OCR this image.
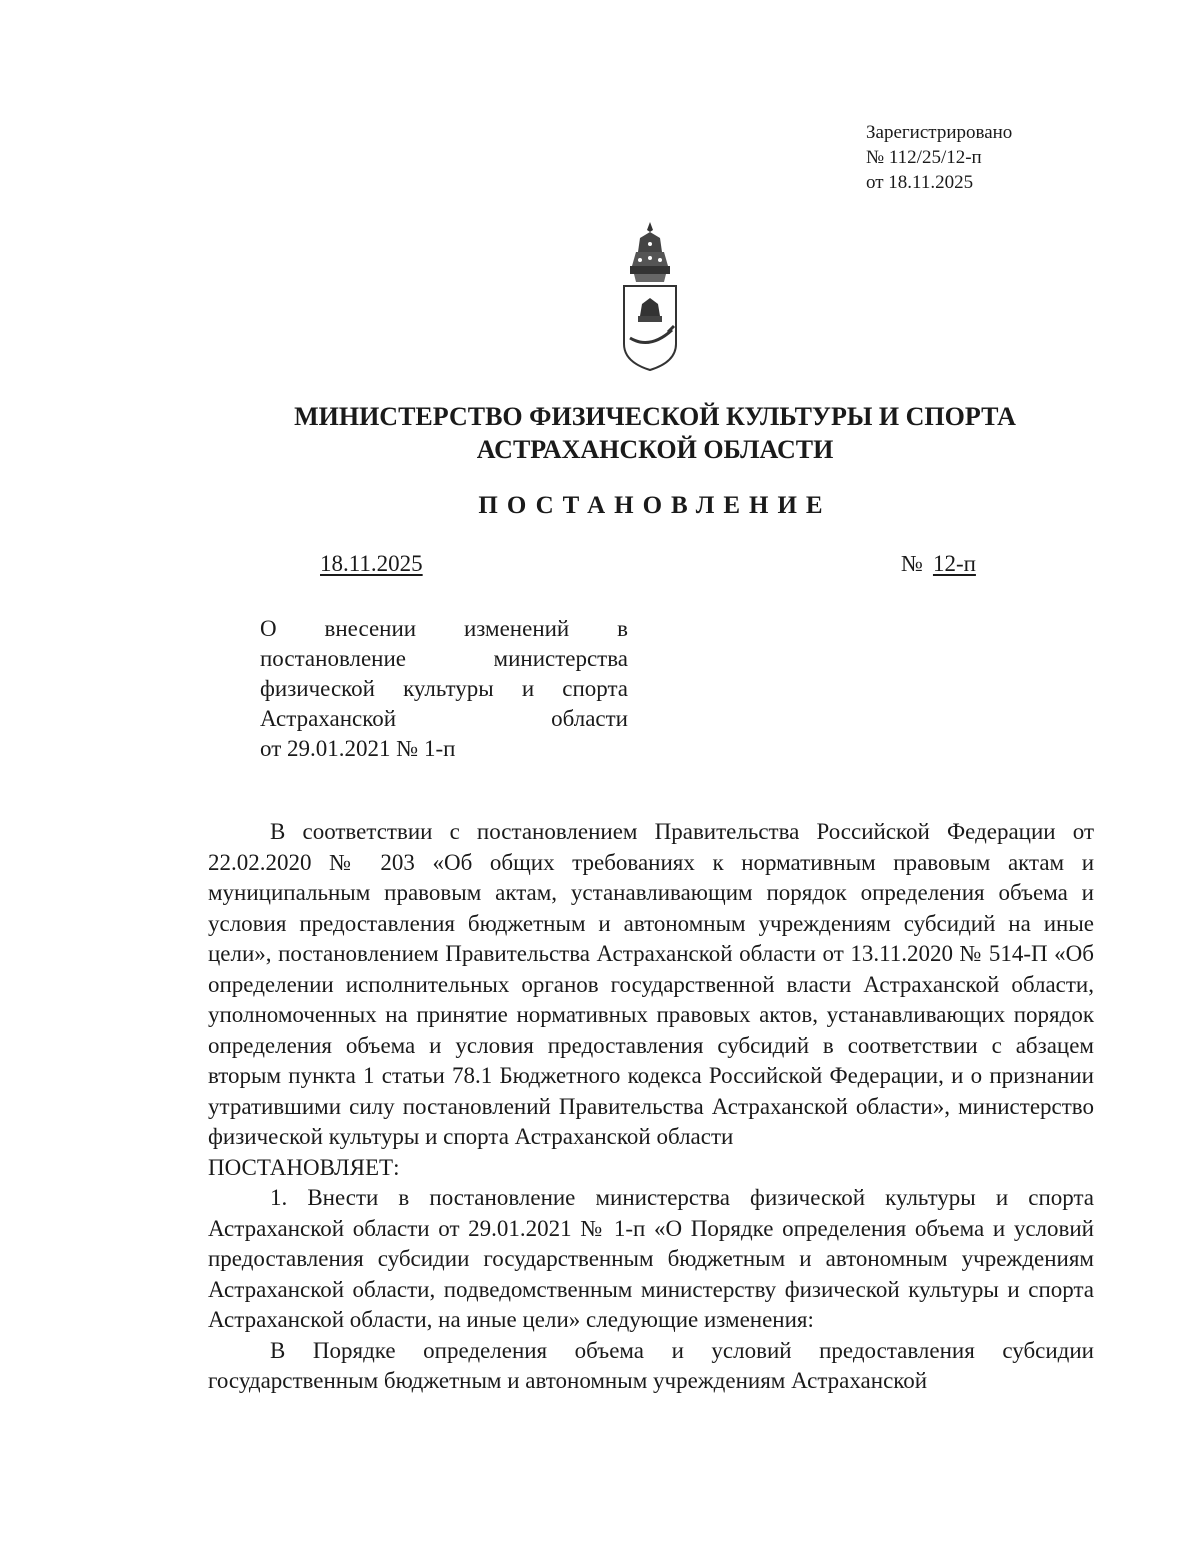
Зарегистрировано
№ 112/25/12-п
от 18.11.2025
МИНИСТЕРСТВО ФИЗИЧЕСКОЙ КУЛЬТУРЫ И СПОРТА
АСТРАХАНСКОЙ ОБЛАСТИ
ПОСТАНОВЛЕНИЕ
18.11.2025	№ 12-п
О внесении изменений в
постановление министерства
физической культуры и спорта
Астраханской области
от 29.01.2021 № 1-п

В соответствии с постановлением Правительства Российской Федерации от 22.02.2020 № 203 «Об общих требованиях к нормативным правовым актам и муниципальным правовым актам, устанавливающим порядок определения объема и условия предоставления бюджетным и автономным учреждениям субсидий на иные цели», постановлением Правительства Астраханской области от 13.11.2020 № 514-П «Об определении исполнительных органов государственной власти Астраханской области, уполномоченных на принятие нормативных правовых актов, устанавливающих порядок определения объема и условия предоставления субсидий в соответствии с абзацем вторым пункта 1 статьи 78.1 Бюджетного кодекса Российской Федерации, и о признании утратившими силу постановлений Правительства Астраханской области», министерство физической культуры и спорта Астраханской области

ПОСТАНОВЛЯЕТ:

1. Внести в постановление министерства физической культуры и спорта Астраханской области от 29.01.2021 № 1-п «О Порядке определения объема и условий предоставления субсидии государственным бюджетным и автономным учреждениям Астраханской области, подведомственным министерству физической культуры и спорта Астраханской области, на иные цели» следующие изменения:

В Порядке определения объема и условий предоставления субсидии государственным бюджетным и автономным учреждениям Астраханской
